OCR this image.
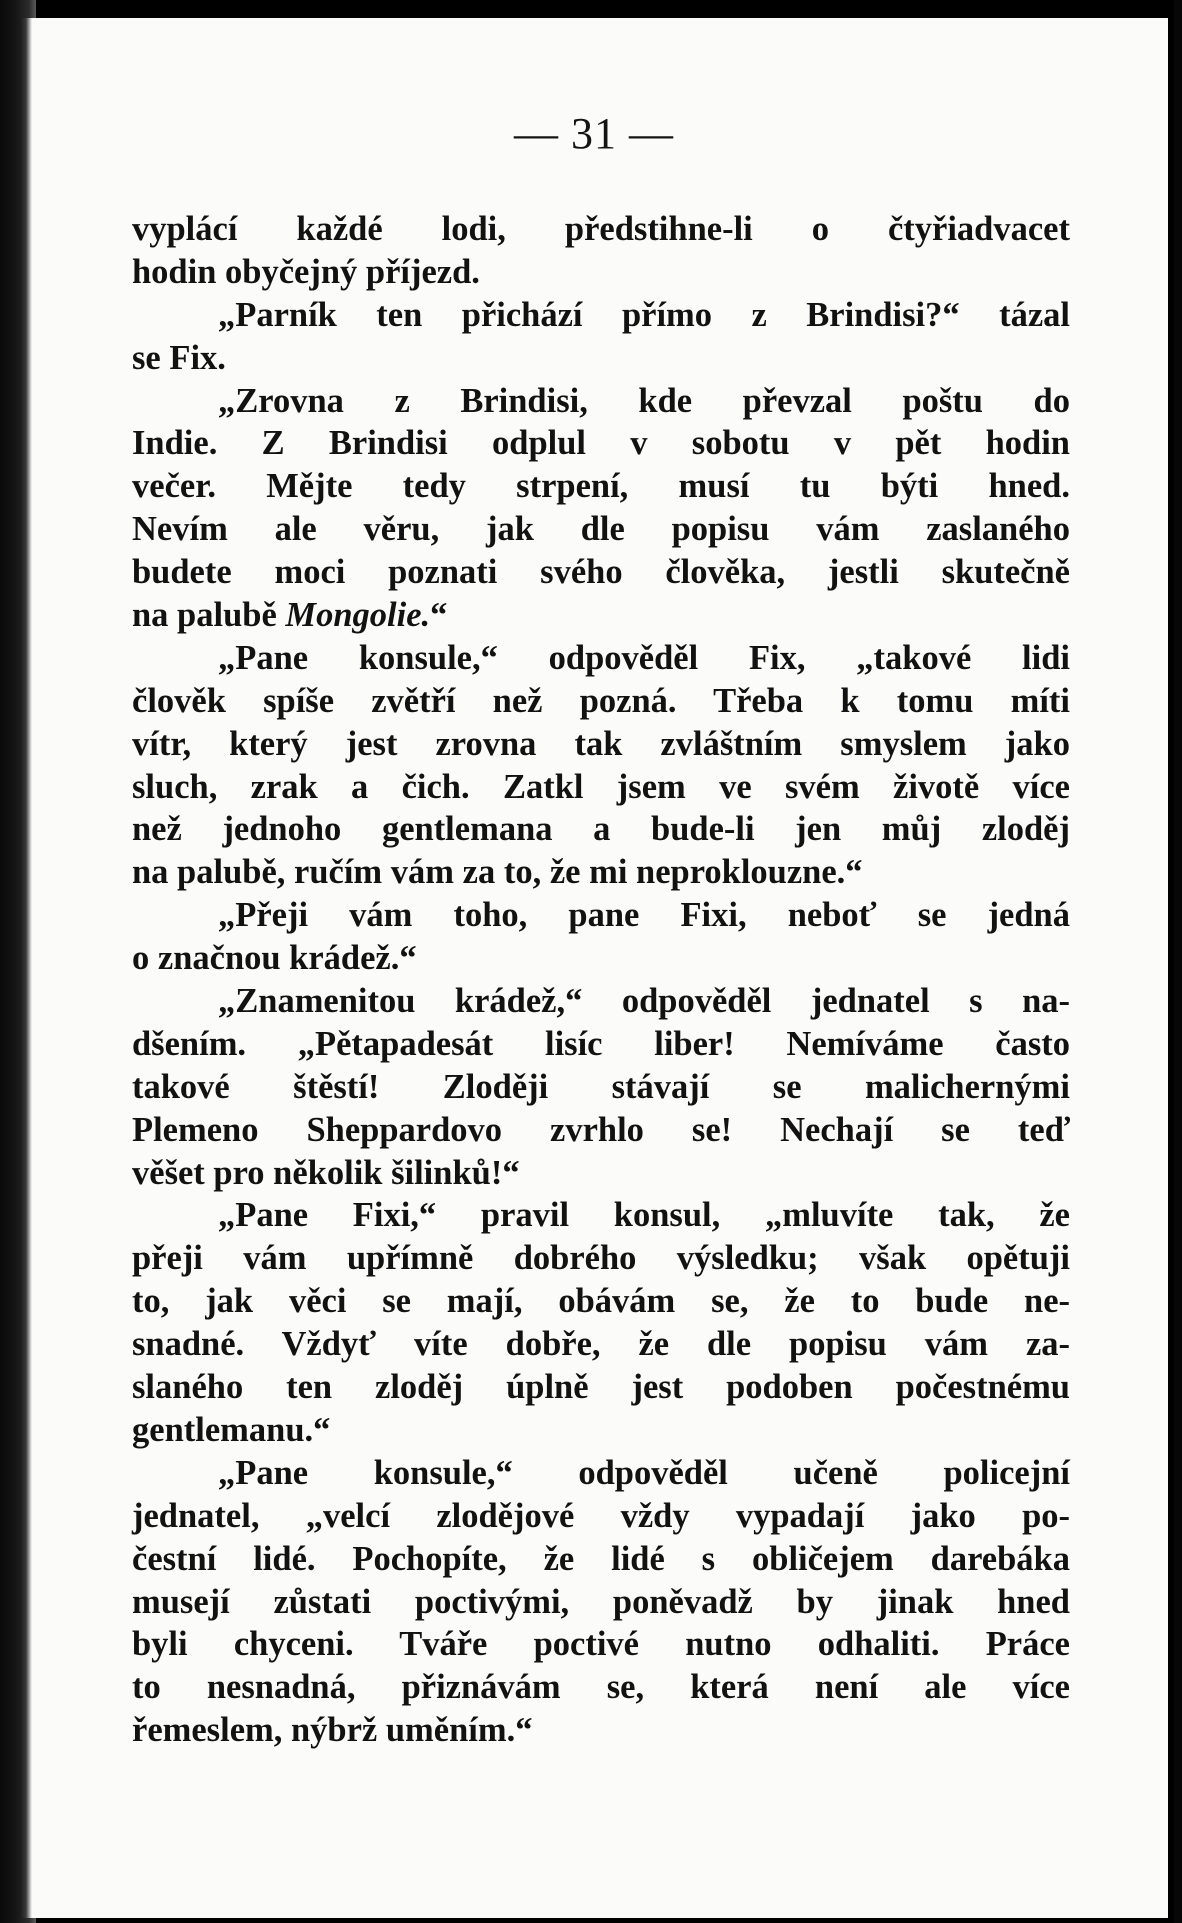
— 31 —
vyplácí každé lodi, předstihne-li o čtyřiadvacet
hodin obyčejný příjezd.
„Parník ten přichází přímo z Brindisi?“ tázal
se Fix.
„Zrovna z Brindisi, kde převzal poštu do
Indie. Z Brindisi odplul v sobotu v pět hodin
večer. Mějte tedy strpení, musí tu býti hned.
Nevím ale věru, jak dle popisu vám zaslaného
budete moci poznati svého člověka, jestli skutečně
na palubě Mongolie.“
„Pane konsule,“ odpověděl Fix, „takové lidi
člověk spíše zvětří než pozná. Třeba k tomu míti
vítr, který jest zrovna tak zvláštním smyslem jako
sluch, zrak a čich. Zatkl jsem ve svém životě více
než jednoho gentlemana a bude-li jen můj zloděj
na palubě, ručím vám za to, že mi neproklouzne.“
„Přeji vám toho, pane Fixi, neboť se jedná
o značnou krádež.“
„Znamenitou krádež,“ odpověděl jednatel s na-
dšením. „Pětapadesát lisíc liber! Nemíváme často
takové štěstí! Zloději stávají se malichernými
Plemeno Sheppardovo zvrhlo se! Nechají se teď
věšet pro několik šilinků!“
„Pane Fixi,“ pravil konsul, „mluvíte tak, že
přeji vám upřímně dobrého výsledku; však opětuji
to, jak věci se mají, obávám se, že to bude ne-
snadné. Vždyť víte dobře, že dle popisu vám za-
slaného ten zloděj úplně jest podoben počestnému
gentlemanu.“
„Pane konsule,“ odpověděl učeně policejní
jednatel, „velcí zlodějové vždy vypadají jako po-
čestní lidé. Pochopíte, že lidé s obličejem darebáka
musejí zůstati poctivými, poněvadž by jinak hned
byli chyceni. Tváře poctivé nutno odhaliti. Práce
to nesnadná, přiznávám se, která není ale více
řemeslem, nýbrž uměním.“
